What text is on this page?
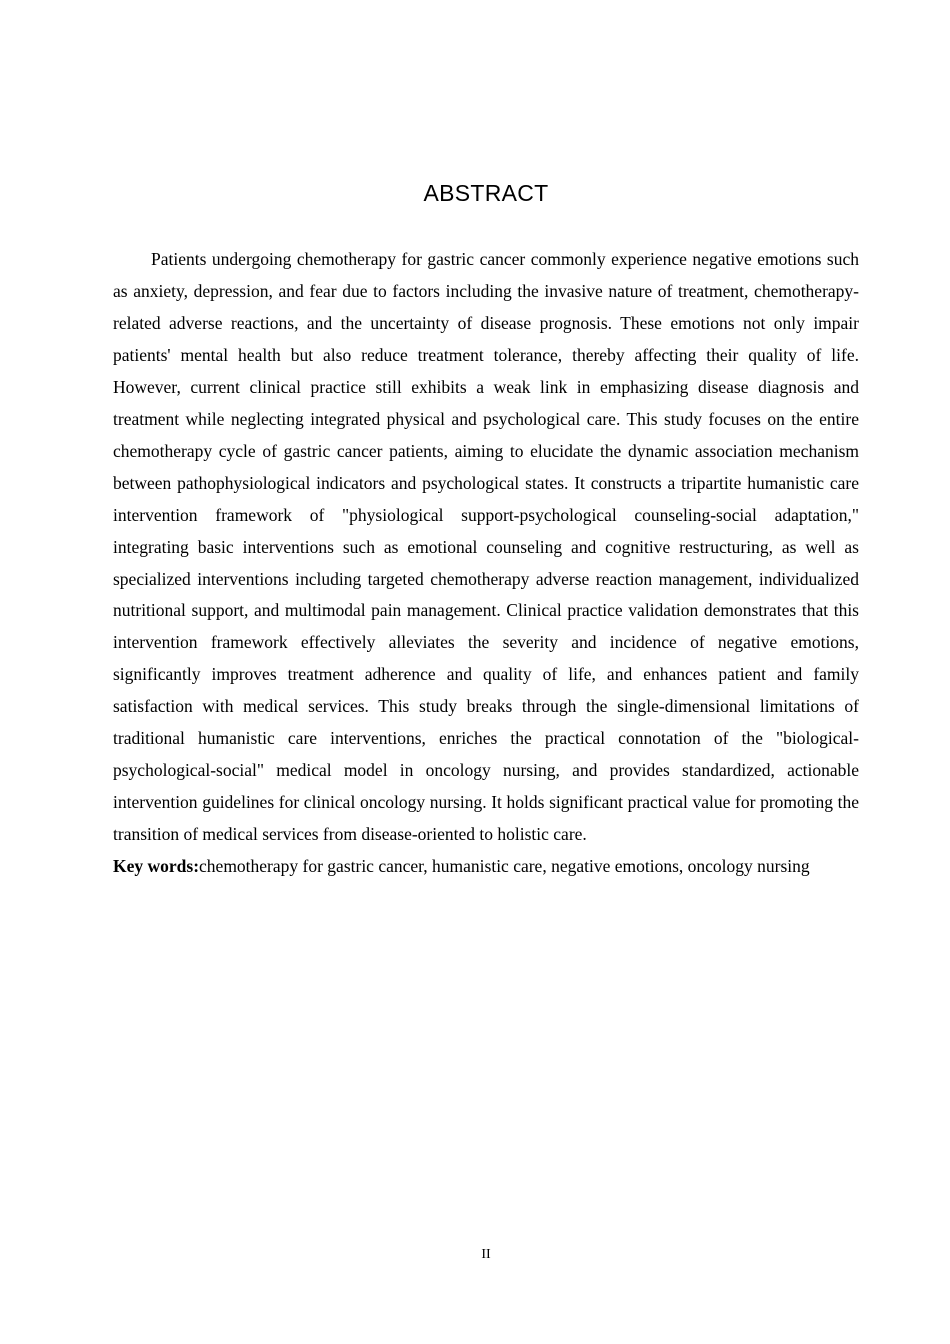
ABSTRACT

Patients undergoing chemotherapy for gastric cancer commonly experience negative emotions such as anxiety, depression, and fear due to factors including the invasive nature of treatment, chemotherapy-related adverse reactions, and the uncertainty of disease prognosis. These emotions not only impair patients' mental health but also reduce treatment tolerance, thereby affecting their quality of life. However, current clinical practice still exhibits a weak link in emphasizing disease diagnosis and treatment while neglecting integrated physical and psychological care. This study focuses on the entire chemotherapy cycle of gastric cancer patients, aiming to elucidate the dynamic association mechanism between pathophysiological indicators and psychological states. It constructs a tripartite humanistic care intervention framework of "physiological support-psychological counseling-social adaptation," integrating basic interventions such as emotional counseling and cognitive restructuring, as well as specialized interventions including targeted chemotherapy adverse reaction management, individualized nutritional support, and multimodal pain management. Clinical practice validation demonstrates that this intervention framework effectively alleviates the severity and incidence of negative emotions, significantly improves treatment adherence and quality of life, and enhances patient and family satisfaction with medical services. This study breaks through the single-dimensional limitations of traditional humanistic care interventions, enriches the practical connotation of the "biological-psychological-social" medical model in oncology nursing, and provides standardized, actionable intervention guidelines for clinical oncology nursing. It holds significant practical value for promoting the transition of medical services from disease-oriented to holistic care.

Key words:chemotherapy for gastric cancer, humanistic care, negative emotions, oncology nursing
II
